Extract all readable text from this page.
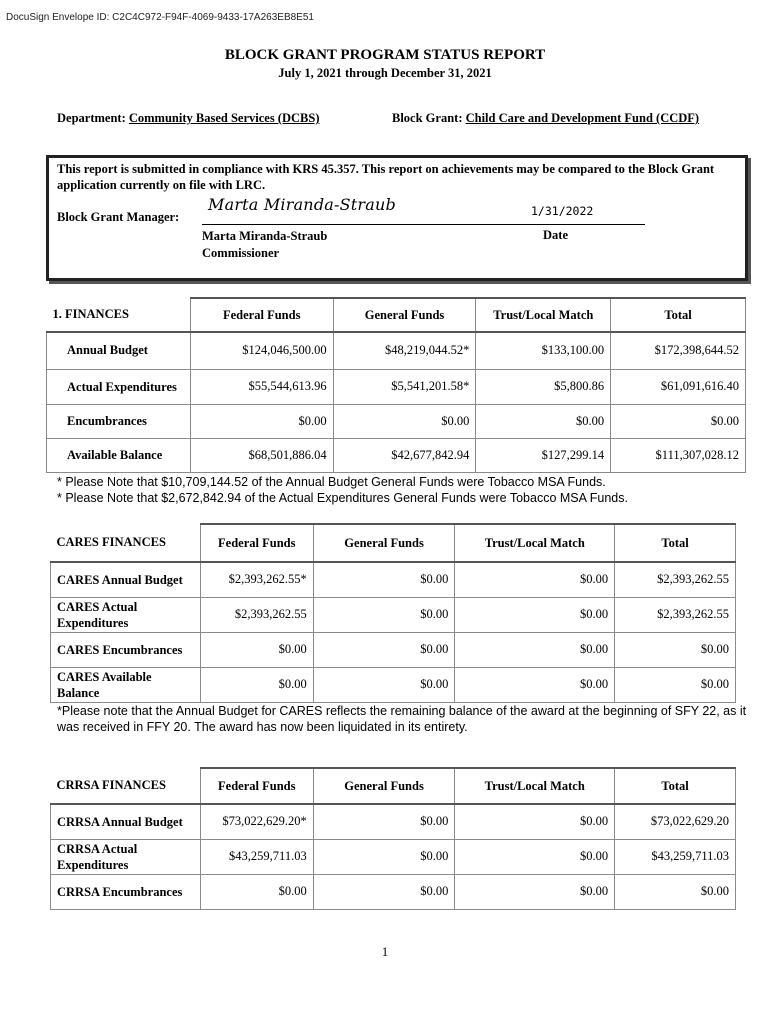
DocuSign Envelope ID: C2C4C972-F94F-4069-9433-17A263EB8E51
BLOCK GRANT PROGRAM STATUS REPORT
July 1, 2021 through December 31, 2021
Department: Community Based Services (DCBS)	Block Grant: Child Care and Development Fund (CCDF)
This report is submitted in compliance with KRS 45.357. This report on achievements may be compared to the Block Grant application currently on file with LRC.
Block Grant Manager:
Marta Miranda-Straub	1/31/2022
Marta Miranda-Straub
Commissioner
Date
1. FINANCES	Federal Funds	General Funds	Trust/Local Match	Total
Annual Budget	$124,046,500.00	$48,219,044.52*	$133,100.00	$172,398,644.52
Actual Expenditures	$55,544,613.96	$5,541,201.58*	$5,800.86	$61,091,616.40
Encumbrances	$0.00	$0.00	$0.00	$0.00
Available Balance	$68,501,886.04	$42,677,842.94	$127,299.14	$111,307,028.12
* Please Note that $10,709,144.52 of the Annual Budget General Funds were Tobacco MSA Funds.
* Please Note that $2,672,842.94 of the Actual Expenditures General Funds were Tobacco MSA Funds.
CARES FINANCES	Federal Funds	General Funds	Trust/Local Match	Total
CARES Annual Budget	$2,393,262.55*	$0.00	$0.00	$2,393,262.55
CARES Actual Expenditures	$2,393,262.55	$0.00	$0.00	$2,393,262.55
CARES Encumbrances	$0.00	$0.00	$0.00	$0.00
CARES Available Balance	$0.00	$0.00	$0.00	$0.00
*Please note that the Annual Budget for CARES reflects the remaining balance of the award at the beginning of SFY 22, as it was received in FFY 20. The award has now been liquidated in its entirety.
CRRSA FINANCES	Federal Funds	General Funds	Trust/Local Match	Total
CRRSA Annual Budget	$73,022,629.20*	$0.00	$0.00	$73,022,629.20
CRRSA Actual Expenditures	$43,259,711.03	$0.00	$0.00	$43,259,711.03
CRRSA Encumbrances	$0.00	$0.00	$0.00	$0.00
1
